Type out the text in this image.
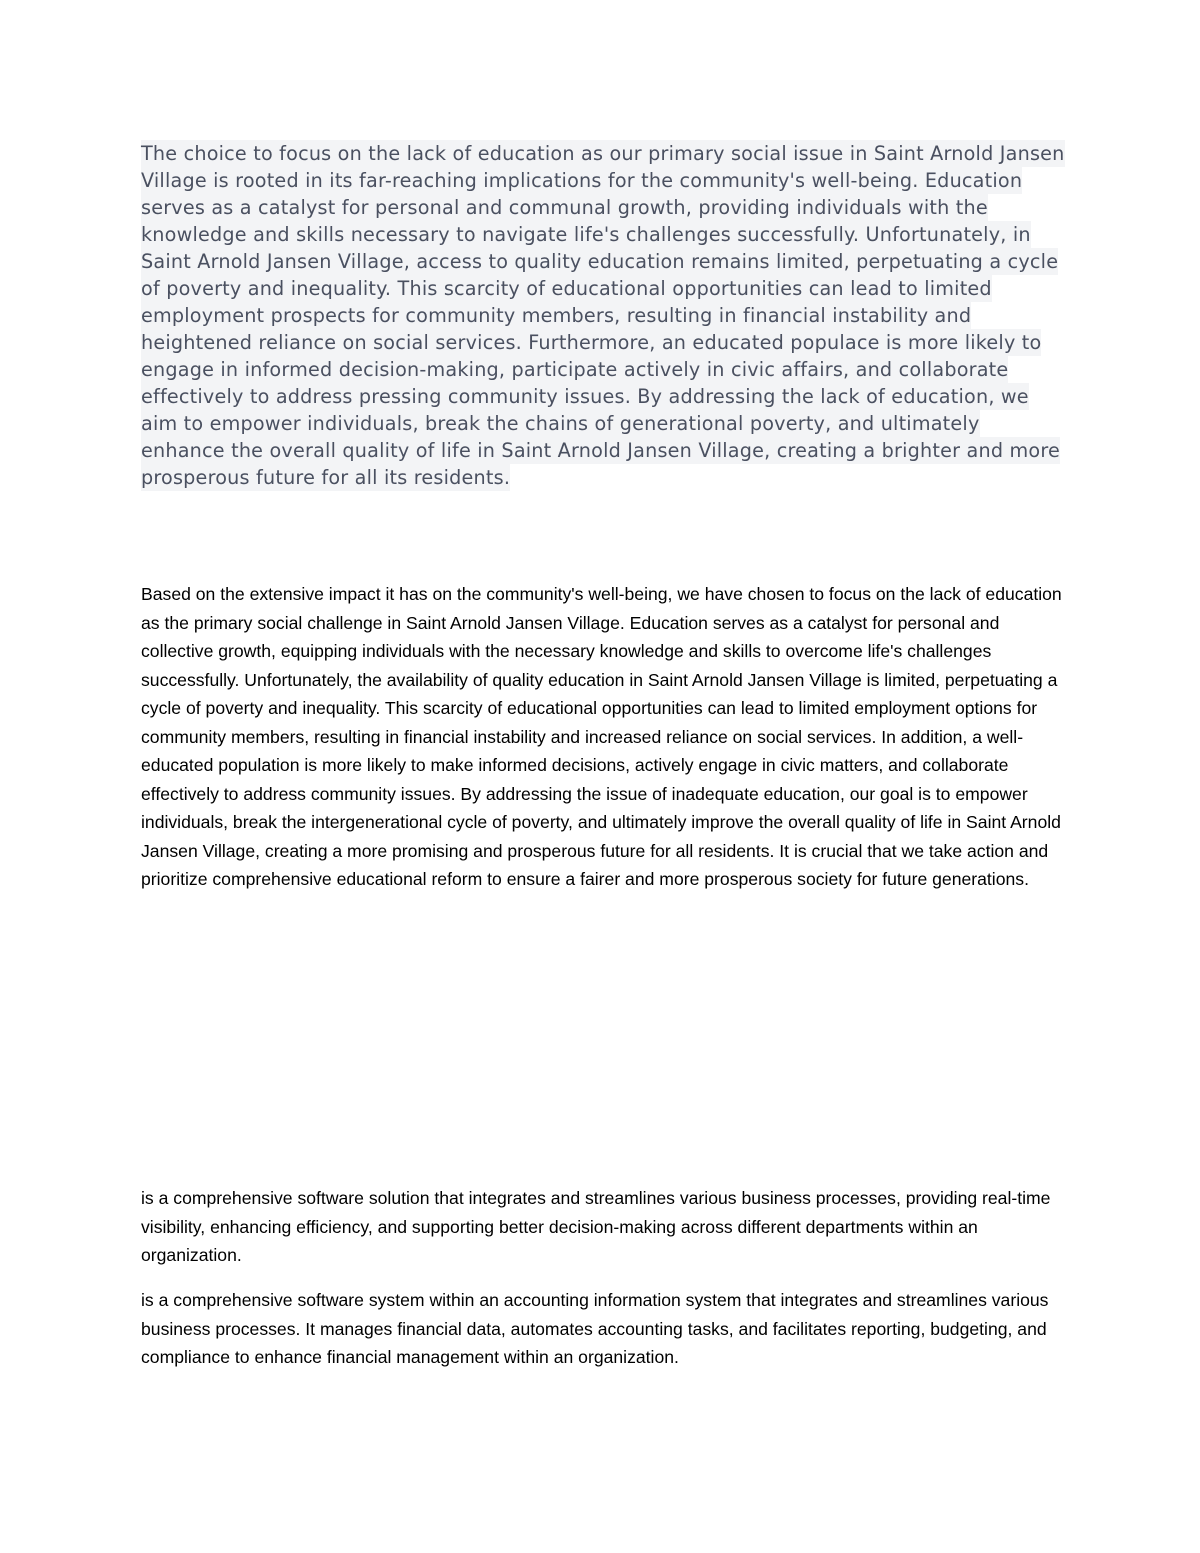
The choice to focus on the lack of education as our primary social issue in Saint Arnold Jansen Village is rooted in its far-reaching implications for the community's well-being. Education serves as a catalyst for personal and communal growth, providing individuals with the knowledge and skills necessary to navigate life's challenges successfully. Unfortunately, in Saint Arnold Jansen Village, access to quality education remains limited, perpetuating a cycle of poverty and inequality. This scarcity of educational opportunities can lead to limited employment prospects for community members, resulting in financial instability and heightened reliance on social services. Furthermore, an educated populace is more likely to engage in informed decision-making, participate actively in civic affairs, and collaborate effectively to address pressing community issues. By addressing the lack of education, we aim to empower individuals, break the chains of generational poverty, and ultimately enhance the overall quality of life in Saint Arnold Jansen Village, creating a brighter and more prosperous future for all its residents.

Based on the extensive impact it has on the community's well-being, we have chosen to focus on the lack of education as the primary social challenge in Saint Arnold Jansen Village. Education serves as a catalyst for personal and collective growth, equipping individuals with the necessary knowledge and skills to overcome life's challenges successfully. Unfortunately, the availability of quality education in Saint Arnold Jansen Village is limited, perpetuating a cycle of poverty and inequality. This scarcity of educational opportunities can lead to limited employment options for community members, resulting in financial instability and increased reliance on social services. In addition, a well-educated population is more likely to make informed decisions, actively engage in civic matters, and collaborate effectively to address community issues. By addressing the issue of inadequate education, our goal is to empower individuals, break the intergenerational cycle of poverty, and ultimately improve the overall quality of life in Saint Arnold Jansen Village, creating a more promising and prosperous future for all residents. It is crucial that we take action and prioritize comprehensive educational reform to ensure a fairer and more prosperous society for future generations.

is a comprehensive software solution that integrates and streamlines various business processes, providing real-time visibility, enhancing efficiency, and supporting better decision-making across different departments within an organization.

is a comprehensive software system within an accounting information system that integrates and streamlines various business processes. It manages financial data, automates accounting tasks, and facilitates reporting, budgeting, and compliance to enhance financial management within an organization.
